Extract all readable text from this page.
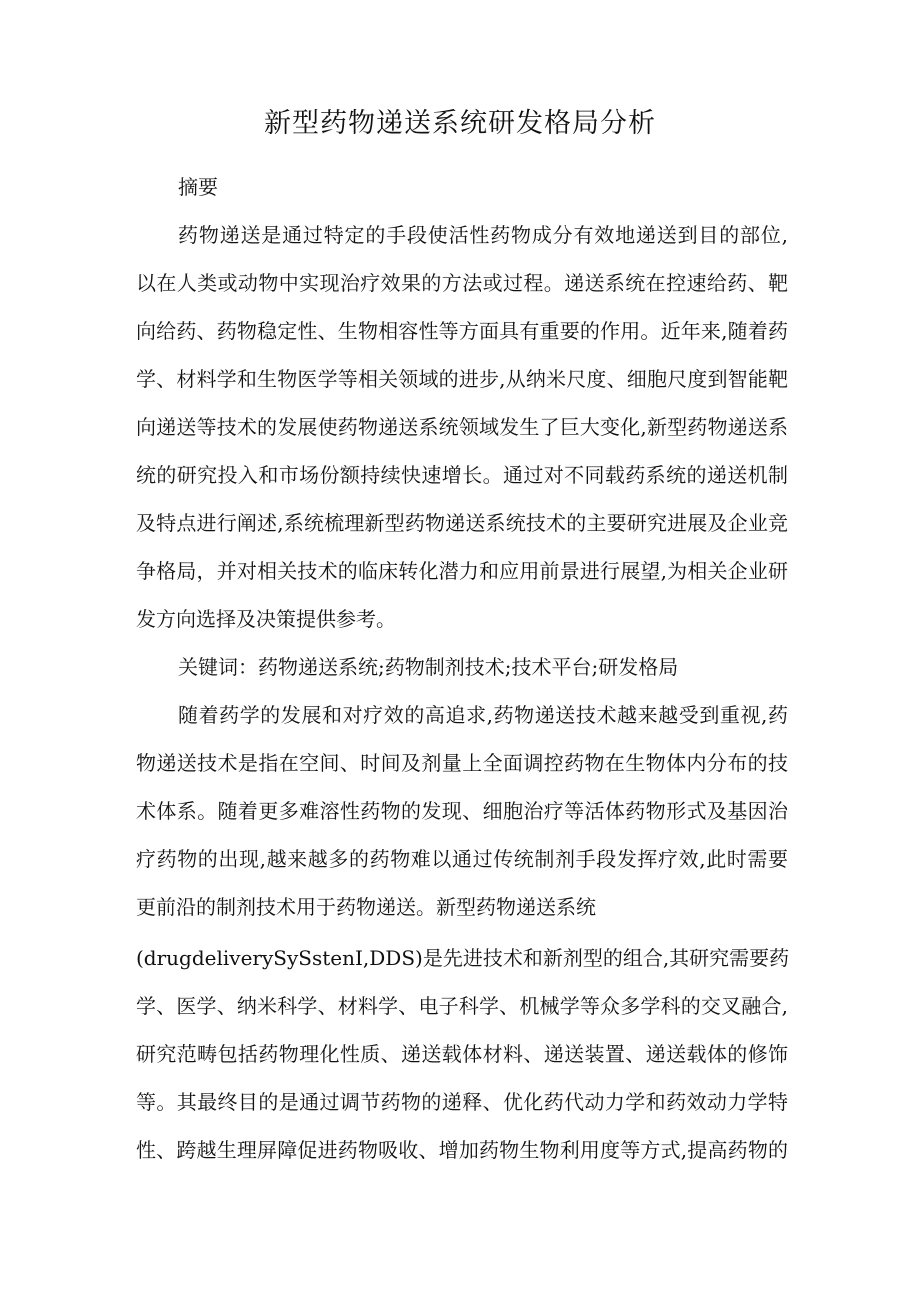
新型药物递送系统研发格局分析
摘要
药物递送是通过特定的手段使活性药物成分有效地递送到目的部位,
以在人类或动物中实现治疗效果的方法或过程。递送系统在控速给药、靶
向给药、药物稳定性、生物相容性等方面具有重要的作用。近年来,随着药
学、材料学和生物医学等相关领域的进步,从纳米尺度、细胞尺度到智能靶
向递送等技术的发展使药物递送系统领域发生了巨大变化,新型药物递送系
统的研究投入和市场份额持续快速增长。通过对不同载药系统的递送机制
及特点进行阐述,系统梳理新型药物递送系统技术的主要研究进展及企业竞
争格局，并对相关技术的临床转化潜力和应用前景进行展望,为相关企业研
发方向选择及决策提供参考。
关键词：药物递送系统;药物制剂技术;技术平台;研发格局
随着药学的发展和对疗效的高追求,药物递送技术越来越受到重视,药
物递送技术是指在空间、时间及剂量上全面调控药物在生物体内分布的技
术体系。随着更多难溶性药物的发现、细胞治疗等活体药物形式及基因治
疗药物的出现,越来越多的药物难以通过传统制剂手段发挥疗效,此时需要
更前沿的制剂技术用于药物递送。新型药物递送系统
(drugdeliverySySstenI,DDS)是先进技术和新剂型的组合,其研究需要药
学、医学、纳米科学、材料学、电子科学、机械学等众多学科的交叉融合,
研究范畴包括药物理化性质、递送载体材料、递送装置、递送载体的修饰
等。其最终目的是通过调节药物的递释、优化药代动力学和药效动力学特
性、跨越生理屏障促进药物吸收、增加药物生物利用度等方式,提高药物的
